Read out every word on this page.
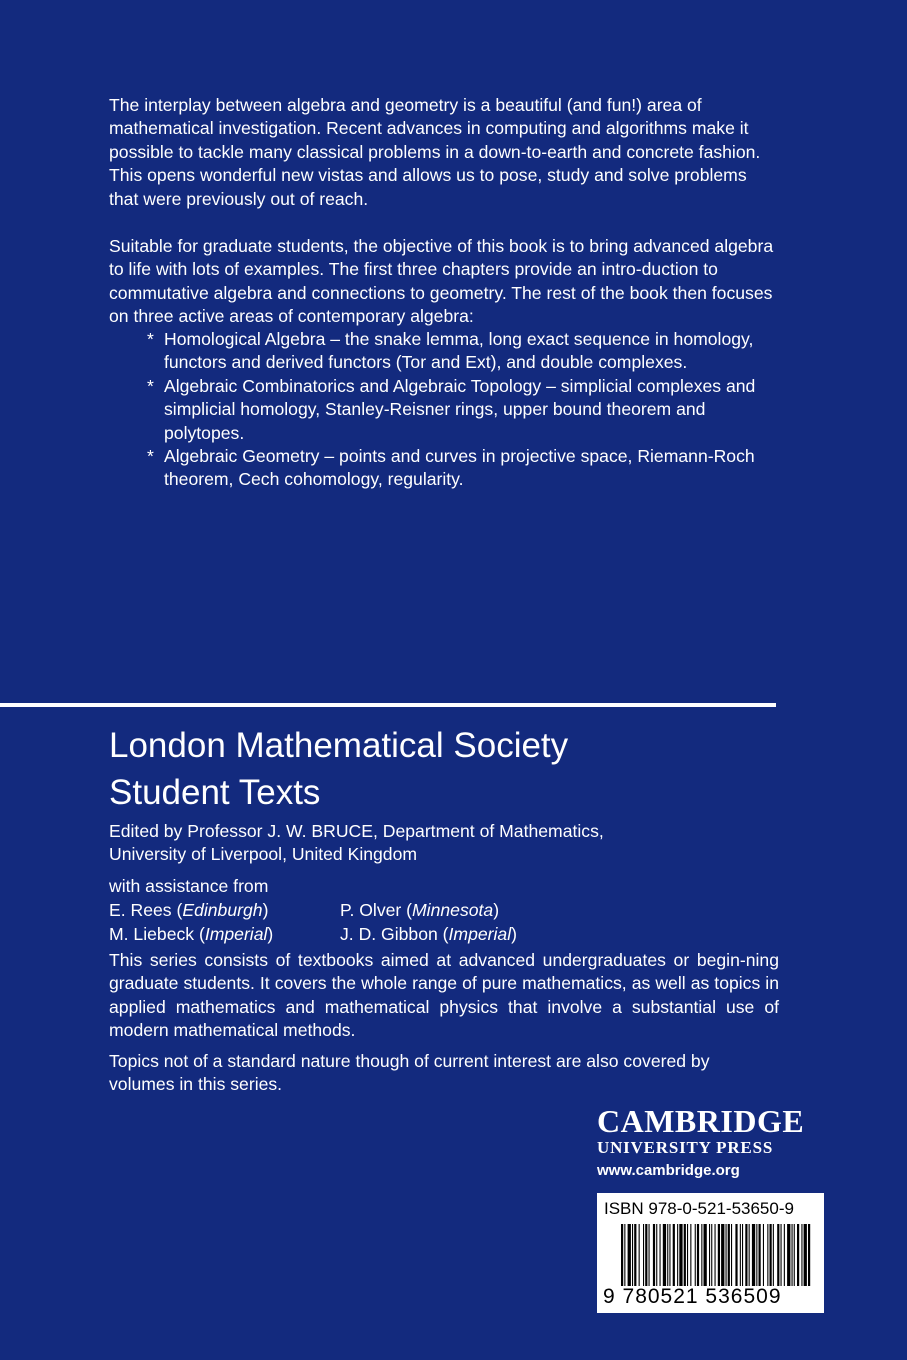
The interplay between algebra and geometry is a beautiful (and fun!) area of mathematical investigation. Recent advances in computing and algorithms make it possible to tackle many classical problems in a down-to-earth and concrete fashion. This opens wonderful new vistas and allows us to pose, study and solve problems that were previously out of reach.
Suitable for graduate students, the objective of this book is to bring advanced algebra to life with lots of examples. The first three chapters provide an intro-duction to commutative algebra and connections to geometry. The rest of the book then focuses on three active areas of contemporary algebra:
* Homological Algebra – the snake lemma, long exact sequence in homology, functors and derived functors (Tor and Ext), and double complexes.
* Algebraic Combinatorics and Algebraic Topology – simplicial complexes and simplicial homology, Stanley-Reisner rings, upper bound theorem and polytopes.
* Algebraic Geometry – points and curves in projective space, Riemann-Roch theorem, Cech cohomology, regularity.
London Mathematical Society
Student Texts
Edited by Professor J. W. BRUCE, Department of Mathematics,
University of Liverpool, United Kingdom
with assistance from
E. Rees (Edinburgh)	P. Olver (Minnesota)
M. Liebeck (Imperial)	J. D. Gibbon (Imperial)
This series consists of textbooks aimed at advanced undergraduates or begin-ning graduate students. It covers the whole range of pure mathematics, as well as topics in applied mathematics and mathematical physics that involve a substantial use of modern mathematical methods.
Topics not of a standard nature though of current interest are also covered by volumes in this series.
CAMBRIDGE
UNIVERSITY PRESS
www.cambridge.org
ISBN 978-0-521-53650-9
9 780521 536509
